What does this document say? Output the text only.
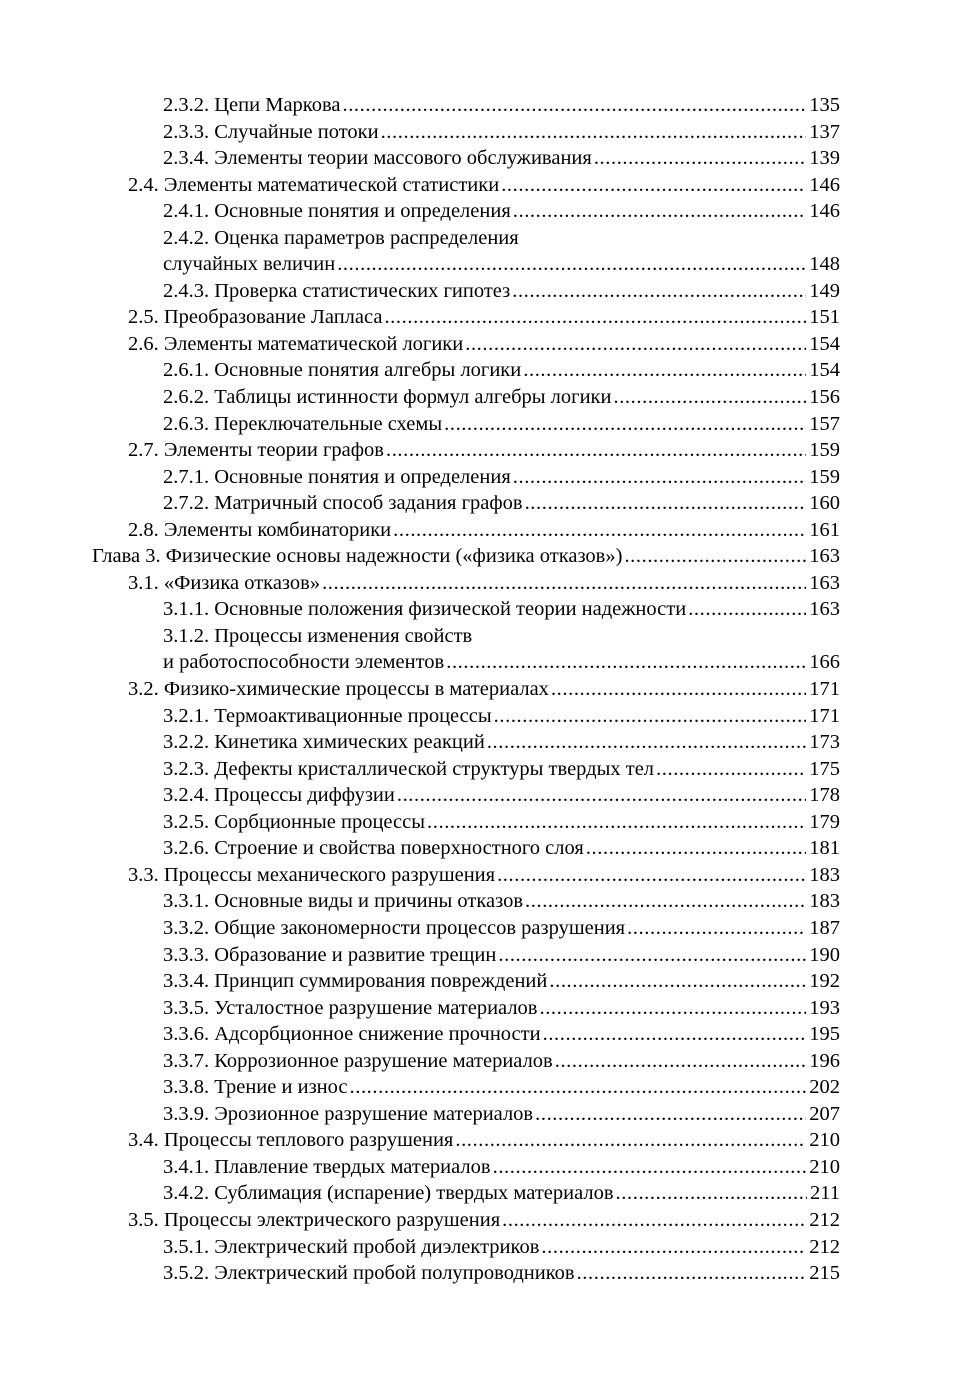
2.3.2. Цепи Маркова .....	135
2.3.3. Случайные потоки .....	137
2.3.4. Элементы теории массового обслуживания .....	139
2.4. Элементы математической статистики .....	146
2.4.1. Основные понятия и определения .....	146
2.4.2. Оценка параметров распределения
случайных величин .....	148
2.4.3. Проверка статистических гипотез .....	149
2.5. Преобразование Лапласа .....	151
2.6. Элементы математической логики .....	154
2.6.1. Основные понятия алгебры логики .....	154
2.6.2. Таблицы истинности формул алгебры логики .....	156
2.6.3. Переключательные схемы .....	157
2.7. Элементы теории графов .....	159
2.7.1. Основные понятия и определения .....	159
2.7.2. Матричный способ задания графов .....	160
2.8. Элементы комбинаторики .....	161
Глава 3. Физические основы надежности («физика отказов») .....	163
3.1. «Физика отказов» .....	163
3.1.1. Основные положения физической теории надежности .....	163
3.1.2. Процессы изменения свойств
и работоспособности элементов .....	166
3.2. Физико-химические процессы в материалах .....	171
3.2.1. Термоактивационные процессы .....	171
3.2.2. Кинетика химических реакций .....	173
3.2.3. Дефекты кристаллической структуры твердых тел .....	175
3.2.4. Процессы диффузии .....	178
3.2.5. Сорбционные процессы .....	179
3.2.6. Строение и свойства поверхностного слоя .....	181
3.3. Процессы механического разрушения .....	183
3.3.1. Основные виды и причины отказов .....	183
3.3.2. Общие закономерности процессов разрушения .....	187
3.3.3. Образование и развитие трещин .....	190
3.3.4. Принцип суммирования повреждений .....	192
3.3.5. Усталостное разрушение материалов .....	193
3.3.6. Адсорбционное снижение прочности .....	195
3.3.7. Коррозионное разрушение материалов .....	196
3.3.8. Трение и износ .....	202
3.3.9. Эрозионное разрушение материалов .....	207
3.4. Процессы теплового разрушения .....	210
3.4.1. Плавление твердых материалов .....	210
3.4.2. Сублимация (испарение) твердых материалов .....	211
3.5. Процессы электрического разрушения .....	212
3.5.1. Электрический пробой диэлектриков .....	212
3.5.2. Электрический пробой полупроводников .....	215
